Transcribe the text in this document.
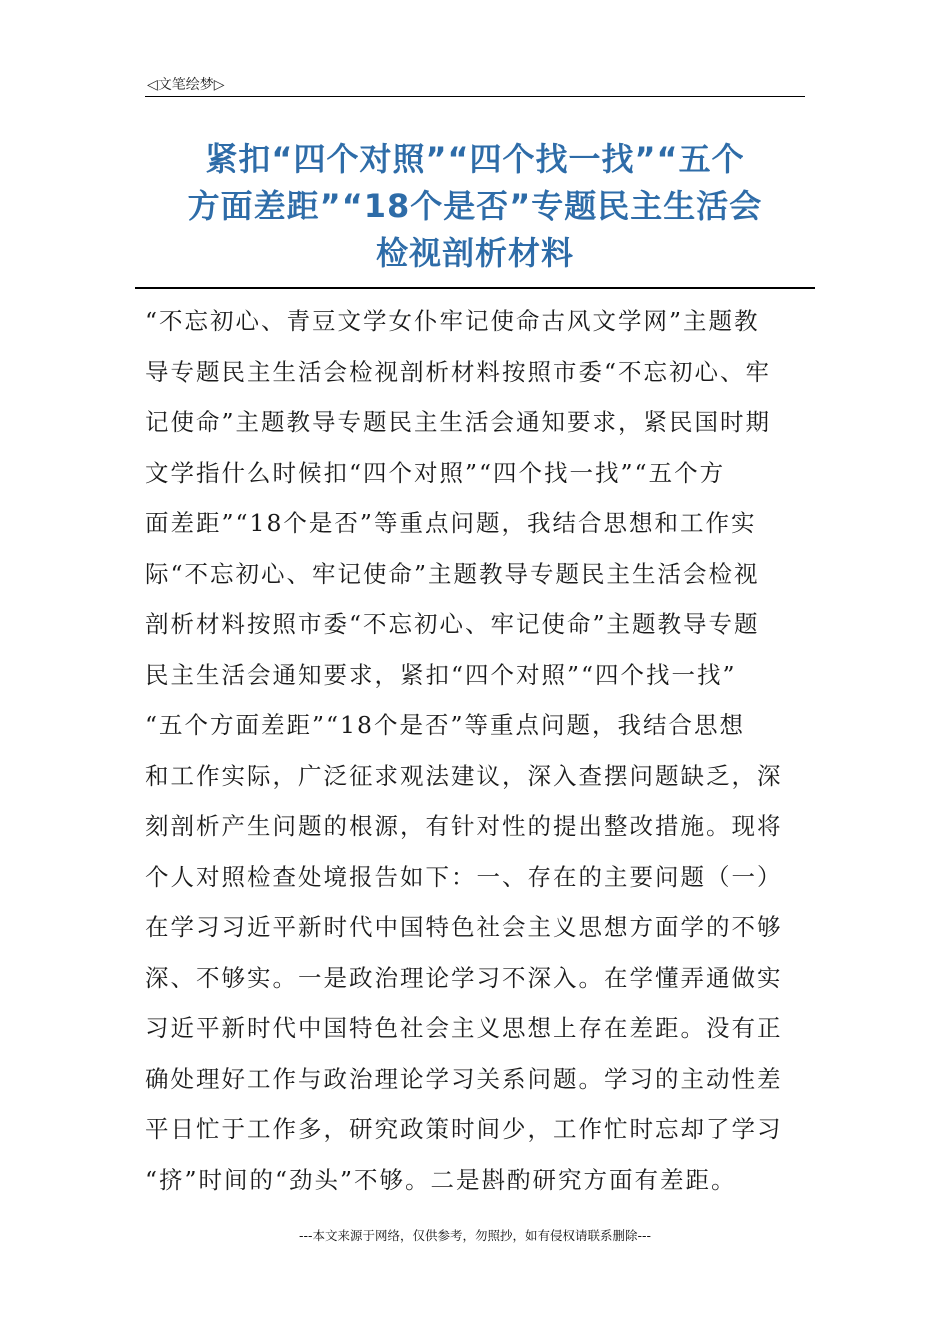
◁文笔绘梦▷
紧扣“四个对照”“四个找一找”“五个
方面差距”“18个是否”专题民主生活会
检视剖析材料
“不忘初心、青豆文学女仆牢记使命古风文学网”主题教
导专题民主生活会检视剖析材料按照市委“不忘初心、牢
记使命”主题教导专题民主生活会通知要求，紧民国时期
文学指什么时候扣“四个对照”“四个找一找”“五个方
面差距”“18个是否”等重点问题，我结合思想和工作实
际“不忘初心、牢记使命”主题教导专题民主生活会检视
剖析材料按照市委“不忘初心、牢记使命”主题教导专题
民主生活会通知要求，紧扣“四个对照”“四个找一找”
“五个方面差距”“18个是否”等重点问题，我结合思想
和工作实际，广泛征求观法建议，深入查摆问题缺乏，深
刻剖析产生问题的根源，有针对性的提出整改措施。现将
个人对照检查处境报告如下：一、存在的主要问题（一）
在学习习近平新时代中国特色社会主义思想方面学的不够
深、不够实。一是政治理论学习不深入。在学懂弄通做实
习近平新时代中国特色社会主义思想上存在差距。没有正
确处理好工作与政治理论学习关系问题。学习的主动性差
平日忙于工作多，研究政策时间少，工作忙时忘却了学习
“挤”时间的“劲头”不够。二是斟酌研究方面有差距。
---本文来源于网络，仅供参考，勿照抄，如有侵权请联系删除---
